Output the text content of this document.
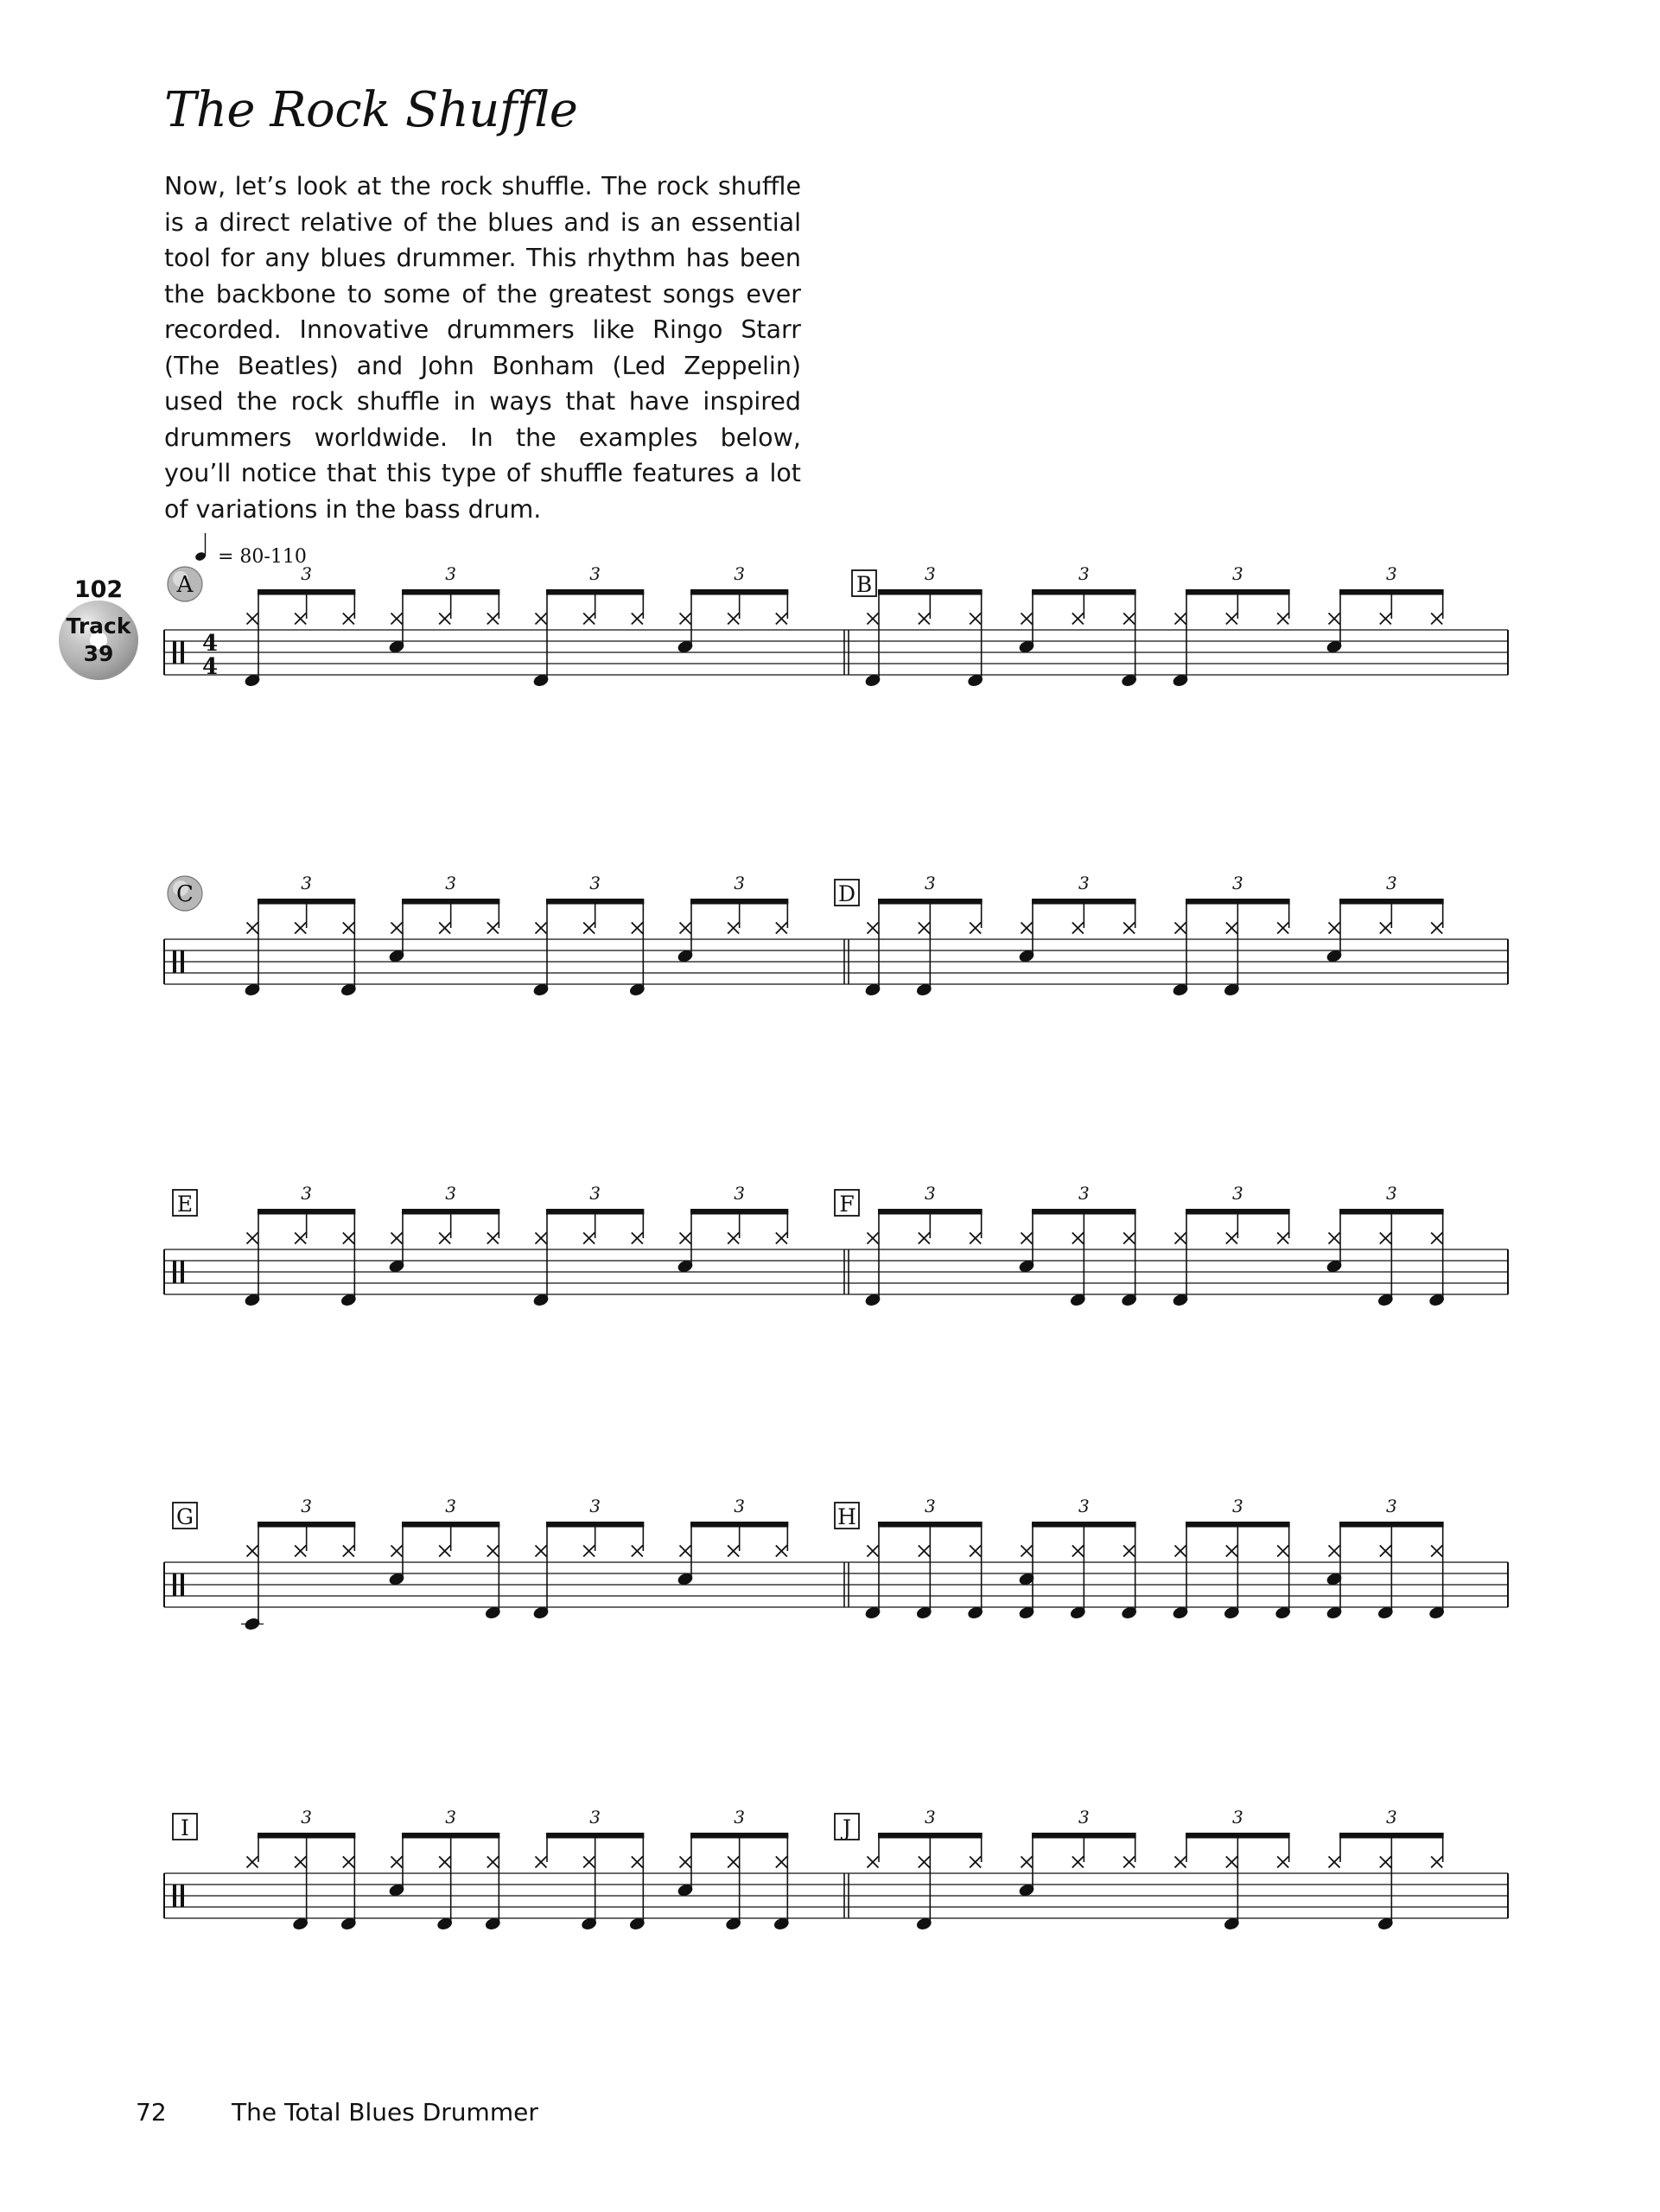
The Rock Shuffle

Now, let’s look at the rock shuffle. The rock shuffle is a direct relative of the blues and is an essential tool for any blues drummer. This rhythm has been the backbone to some of the greatest songs ever recorded. Innovative drummers like Ringo Starr (The Beatles) and John Bonham (Led Zeppelin) used the rock shuffle in ways that have inspired drummers worldwide. In the examples below, you’ll notice that this type of shuffle features a lot of variations in the bass drum.

4
4
A	3	3	3	3
= 80-110
102
Track
39
B	3	3	3	3
C	3	3	3	3	D	3	3	3	3
E	3	3	3	3	F	3	3	3	3
G	3	3	3	3	H	3	3	3	3
I	3	3	3	3	J	3	3	3	3
72	The Total Blues Drummer
